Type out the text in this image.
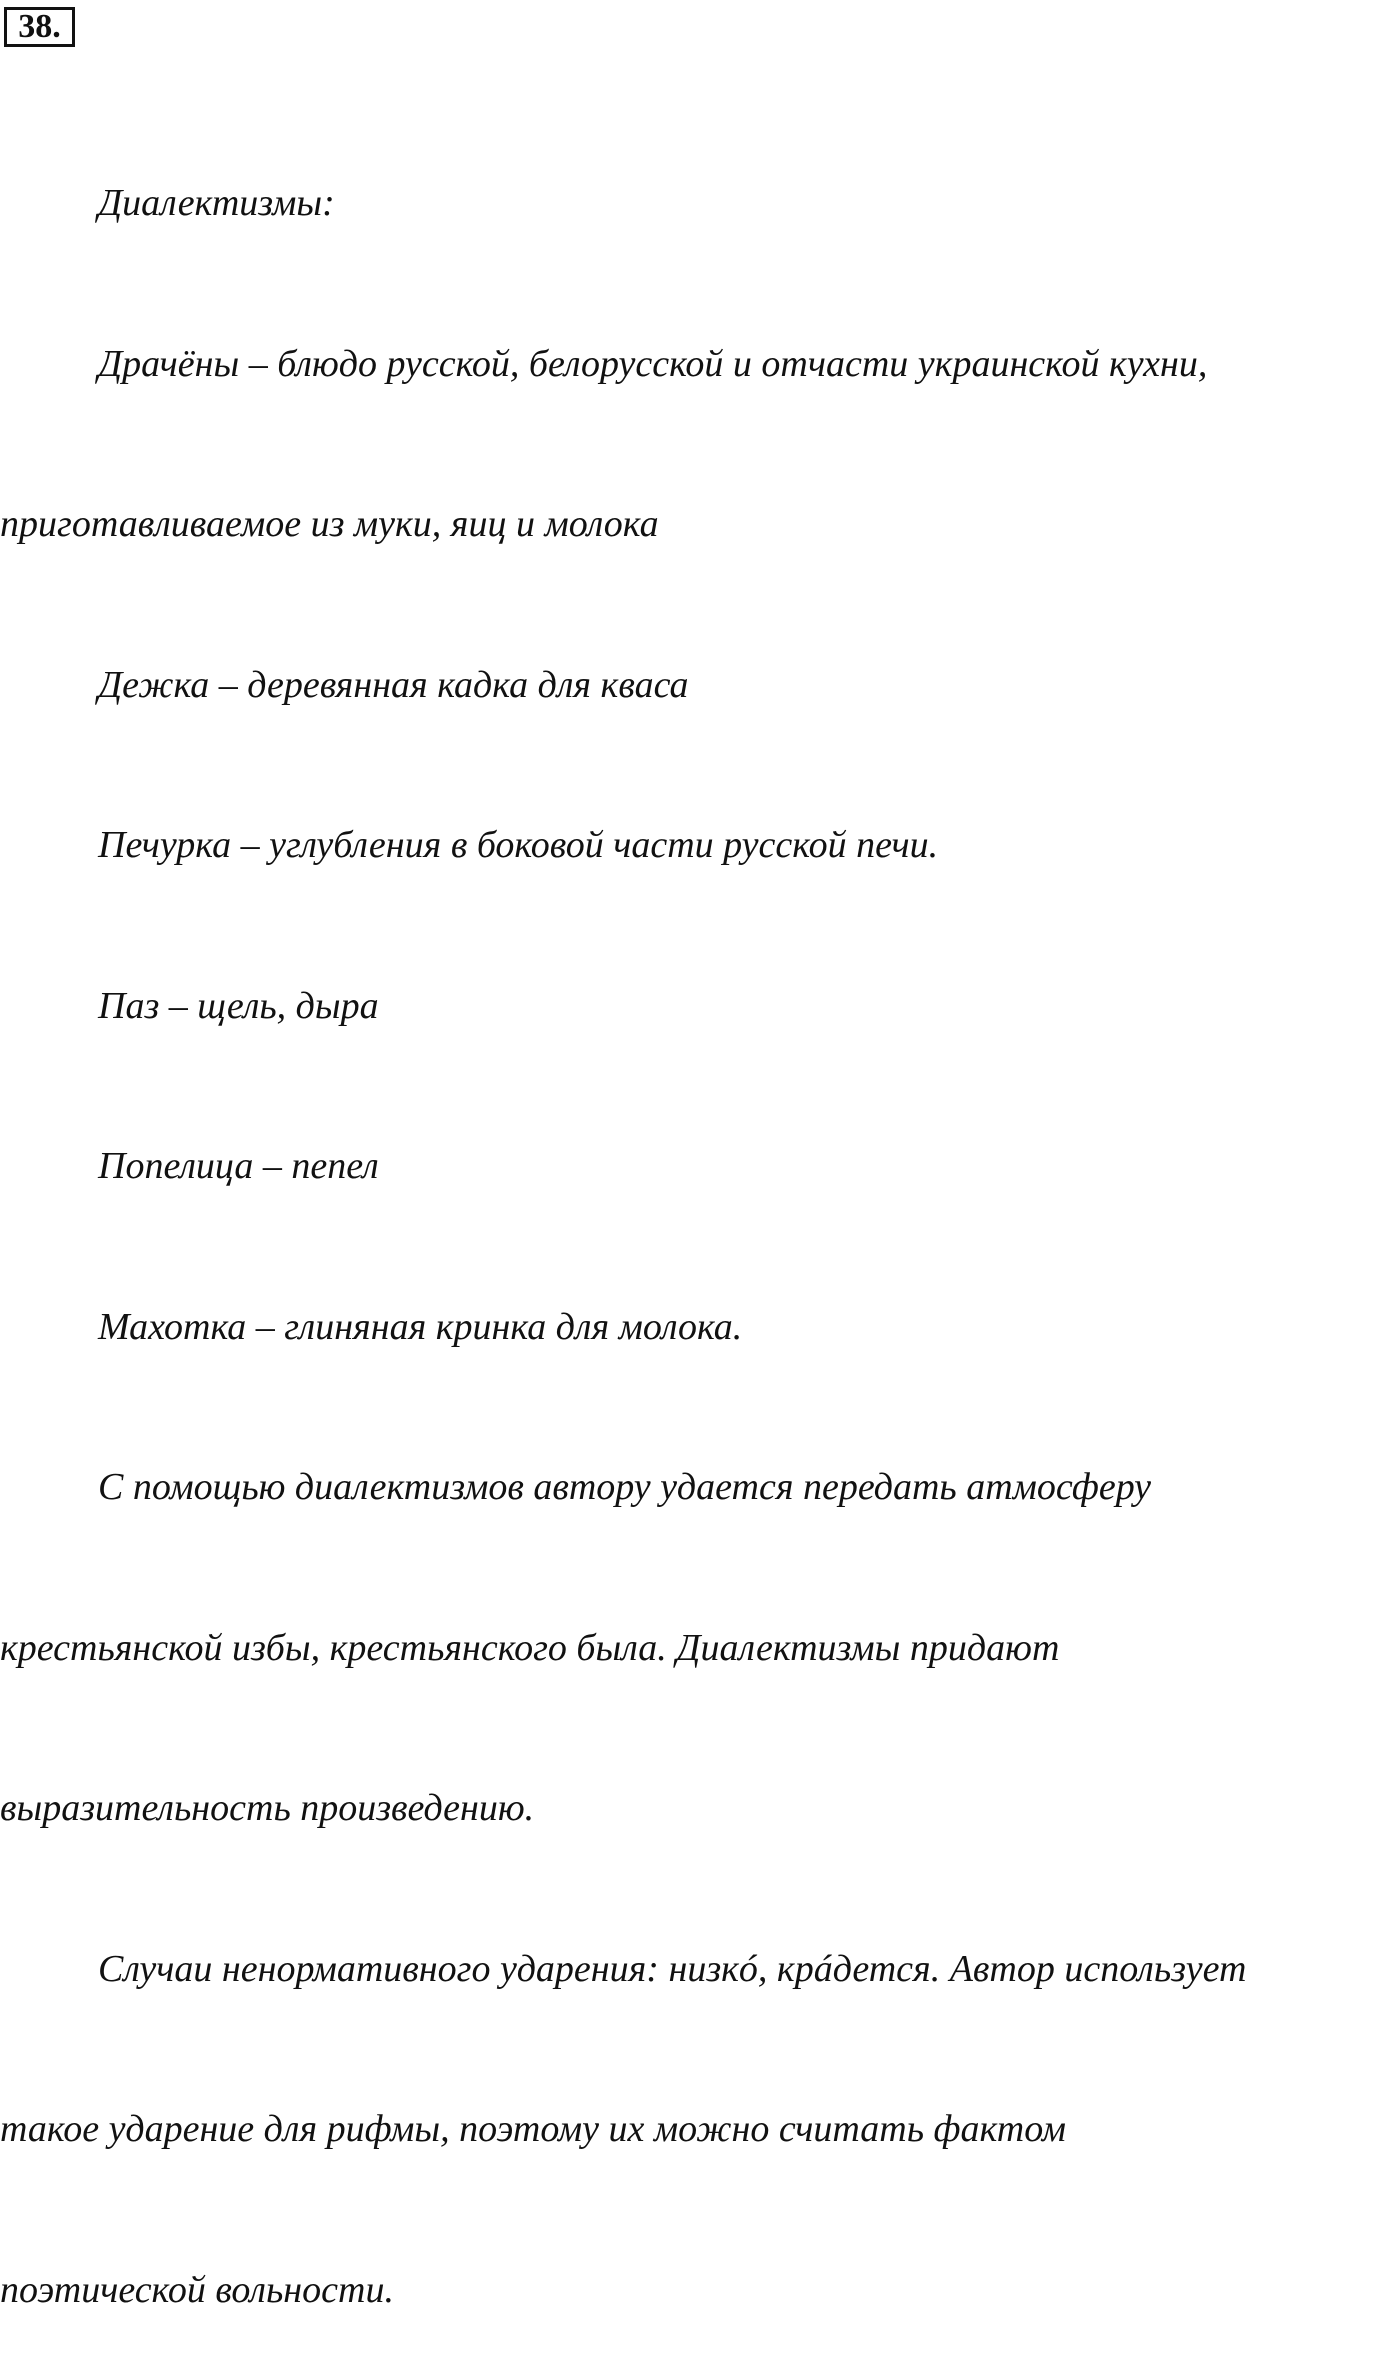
38.

Диалектизмы:

Драчёны – блюдо русской, белорусской и отчасти украинской кухни,

приготавливаемое из муки, яиц и молока

Дежка – деревянная кадка для кваса

Печурка – углубления в боковой части русской печи.

Паз – щель, дыра

Попелица – пепел

Махотка – глиняная кринка для молока.

С помощью диалектизмов автору удается передать атмосферу

крестьянской избы, крестьянского была. Диалектизмы придают

выразительность произведению.

Случаи ненормативного ударения: низкó, крáдется. Автор использует

такое ударение для рифмы, поэтому их можно считать фактом

поэтической вольности.
